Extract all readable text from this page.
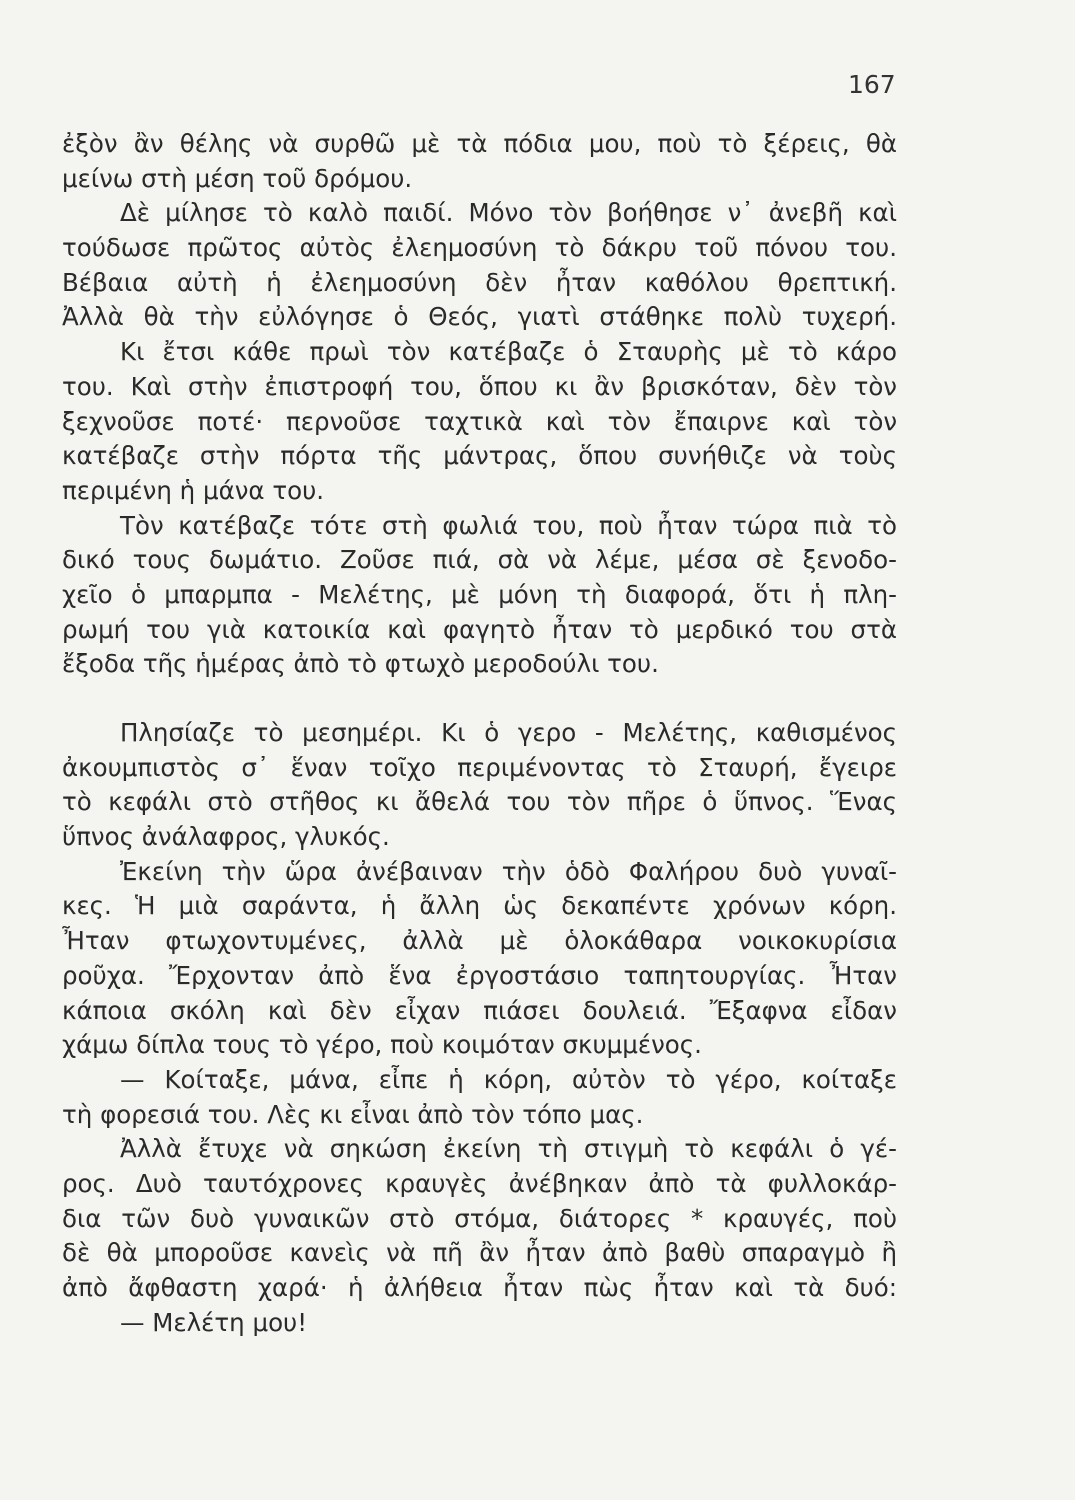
167
ἐξὸν ἂν θέλης νὰ συρθῶ μὲ τὰ πόδια μου, ποὺ τὸ ξέρεις, θὰ
μείνω στὴ μέση τοῦ δρόμου.
Δὲ μίλησε τὸ καλὸ παιδί. Μόνο τὸν βοήθησε ν᾿ ἀνεβῆ καὶ
τούδωσε πρῶτος αὐτὸς ἐλεημοσύνη τὸ δάκρυ τοῦ πόνου του.
Βέβαια αὐτὴ ἡ ἐλεημοσύνη δὲν ἦταν καθόλου θρεπτική.
Ἀλλὰ θὰ τὴν εὐλόγησε ὁ Θεός, γιατὶ στάθηκε πολὺ τυχερή.
Κι ἔτσι κάθε πρωὶ τὸν κατέβαζε ὁ Σταυρὴς μὲ τὸ κάρο
του. Καὶ στὴν ἐπιστροφή του, ὅπου κι ἂν βρισκόταν, δὲν τὸν
ξεχνοῦσε ποτέ· περνοῦσε ταχτικὰ καὶ τὸν ἔπαιρνε καὶ τὸν
κατέβαζε στὴν πόρτα τῆς μάντρας, ὅπου συνήθιζε νὰ τοὺς
περιμένη ἡ μάνα του.
Τὸν κατέβαζε τότε στὴ φωλιά του, ποὺ ἦταν τώρα πιὰ τὸ
δικό τους δωμάτιο. Ζοῦσε πιά, σὰ νὰ λέμε, μέσα σὲ ξενοδο-
χεῖο ὁ μπαρμπα - Μελέτης, μὲ μόνη τὴ διαφορά, ὅτι ἡ πλη-
ρωμή του γιὰ κατοικία καὶ φαγητὸ ἦταν τὸ μερδικό του στὰ
ἔξοδα τῆς ἡμέρας ἀπὸ τὸ φτωχὸ μεροδούλι του.
Πλησίαζε τὸ μεσημέρι. Κι ὁ γερο - Μελέτης, καθισμένος
ἀκουμπιστὸς σ᾿ ἕναν τοῖχο περιμένοντας τὸ Σταυρή, ἔγειρε
τὸ κεφάλι στὸ στῆθος κι ἄθελά του τὸν πῆρε ὁ ὕπνος. Ἕνας
ὕπνος ἀνάλαφρος, γλυκός.
Ἐκείνη τὴν ὥρα ἀνέβαιναν τὴν ὁδὸ Φαλήρου δυὸ γυναῖ-
κες. Ἡ μιὰ σαράντα, ἡ ἄλλη ὡς δεκαπέντε χρόνων κόρη.
Ἦταν φτωχοντυμένες, ἀλλὰ μὲ ὁλοκάθαρα νοικοκυρίσια
ροῦχα. Ἔρχονταν ἀπὸ ἕνα ἐργοστάσιο ταπητουργίας. Ἦταν
κάποια σκόλη καὶ δὲν εἶχαν πιάσει δουλειά. Ἔξαφνα εἶδαν
χάμω δίπλα τους τὸ γέρο, ποὺ κοιμόταν σκυμμένος.
— Κοίταξε, μάνα, εἶπε ἡ κόρη, αὐτὸν τὸ γέρο, κοίταξε
τὴ φορεσιά του. Λὲς κι εἶναι ἀπὸ τὸν τόπο μας.
Ἀλλὰ ἔτυχε νὰ σηκώση ἐκείνη τὴ στιγμὴ τὸ κεφάλι ὁ γέ-
ρος. Δυὸ ταυτόχρονες κραυγὲς ἀνέβηκαν ἀπὸ τὰ φυλλοκάρ-
δια τῶν δυὸ γυναικῶν στὸ στόμα, διάτορες * κραυγές, ποὺ
δὲ θὰ μποροῦσε κανεὶς νὰ πῆ ἂν ἦταν ἀπὸ βαθὺ σπαραγμὸ ἢ
ἀπὸ ἄφθαστη χαρά· ἡ ἀλήθεια ἦταν πὼς ἦταν καὶ τὰ δυό:
— Μελέτη μου!
